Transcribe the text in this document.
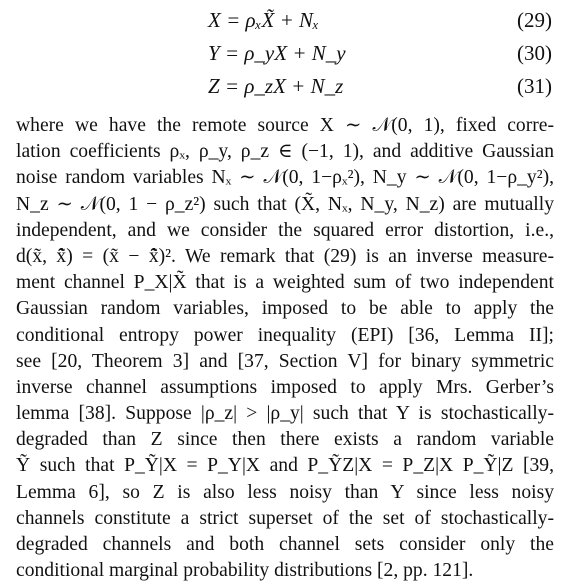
X = ρₓX̃ + Nₓ	(29)
Y = ρ_yX + N_y	(30)
Z = ρ_zX + N_z	(31)
where we have the remote source X ∼ 𝒩(0, 1), fixed corre-
lation coefficients ρₓ, ρ_y, ρ_z ∈ (−1, 1), and additive Gaussian
noise random variables Nₓ ∼ 𝒩(0, 1−ρₓ²), N_y ∼ 𝒩(0, 1−ρ_y²),
N_z ∼ 𝒩(0, 1 − ρ_z²) such that (X̃, Nₓ, N_y, N_z) are mutually
independent, and we consider the squared error distortion, i.e.,
d(x̃, x̃̂) = (x̃ − x̃̂)². We remark that (29) is an inverse measure-
ment channel P_X|X̃ that is a weighted sum of two independent
Gaussian random variables, imposed to be able to apply the
conditional entropy power inequality (EPI) [36, Lemma II];
see [20, Theorem 3] and [37, Section V] for binary symmetric
inverse channel assumptions imposed to apply Mrs. Gerber’s
lemma [38]. Suppose |ρ_z| > |ρ_y| such that Y is stochastically-
degraded than Z since then there exists a random variable
Ỹ such that P_Ỹ|X = P_Y|X and P_ỸZ|X = P_Z|X P_Ỹ|Z [39,
Lemma 6], so Z is also less noisy than Y since less noisy
channels constitute a strict superset of the set of stochastically-
degraded channels and both channel sets consider only the
conditional marginal probability distributions [2, pp. 121].
